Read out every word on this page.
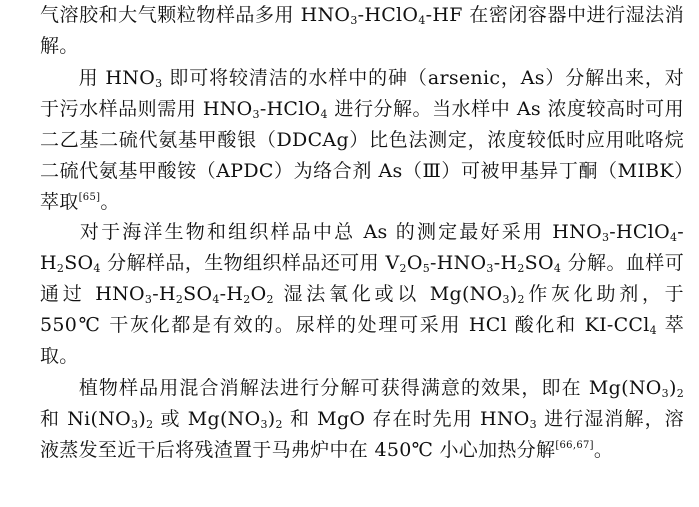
气溶胶和大气颗粒物样品多用 $HNO_3-HClO_4-HF$ 在密闭容器中进行湿法消解。

用 $HNO_3$ 即可将较清洁的水样中的砷（arsenic，As）分解出来，对于污水样品则需用 $HNO_3-HClO_4$ 进行分解。当水样中 As 浓度较高时可用二乙基二硫代氨基甲酸银（DDCAg）比色法测定，浓度较低时应用吡咯烷二硫代氨基甲酸铵（APDC）为络合剂 As（Ⅲ）可被甲基异丁酮（MIBK）萃取[65]。

对于海洋生物和组织样品中总 As 的测定最好采用 $HNO_3-HClO_4-H_2SO_4$ 分解样品，生物组织样品还可用 $V_2O_5-HNO_3-H_2SO_4$ 分解。血样可通过 $HNO_3-H_2SO_4-H_2O_2$ 湿法氧化或以 $Mg(NO_3)_2$作灰化助剂，于 550℃ 干灰化都是有效的。尿样的处理可采用 HCl 酸化和 KI-CCl$_4$ 萃取。

植物样品用混合消解法进行分解可获得满意的效果，即在 $Mg(NO_3)_2$ 和 $Ni(NO_3)_2$ 或 $Mg(NO_3)_2$ 和 MgO 存在时先用 $HNO_3$ 进行湿消解，溶液蒸发至近干后将残渣置于马弗炉中在 450℃ 小心加热分解[66,67]。
